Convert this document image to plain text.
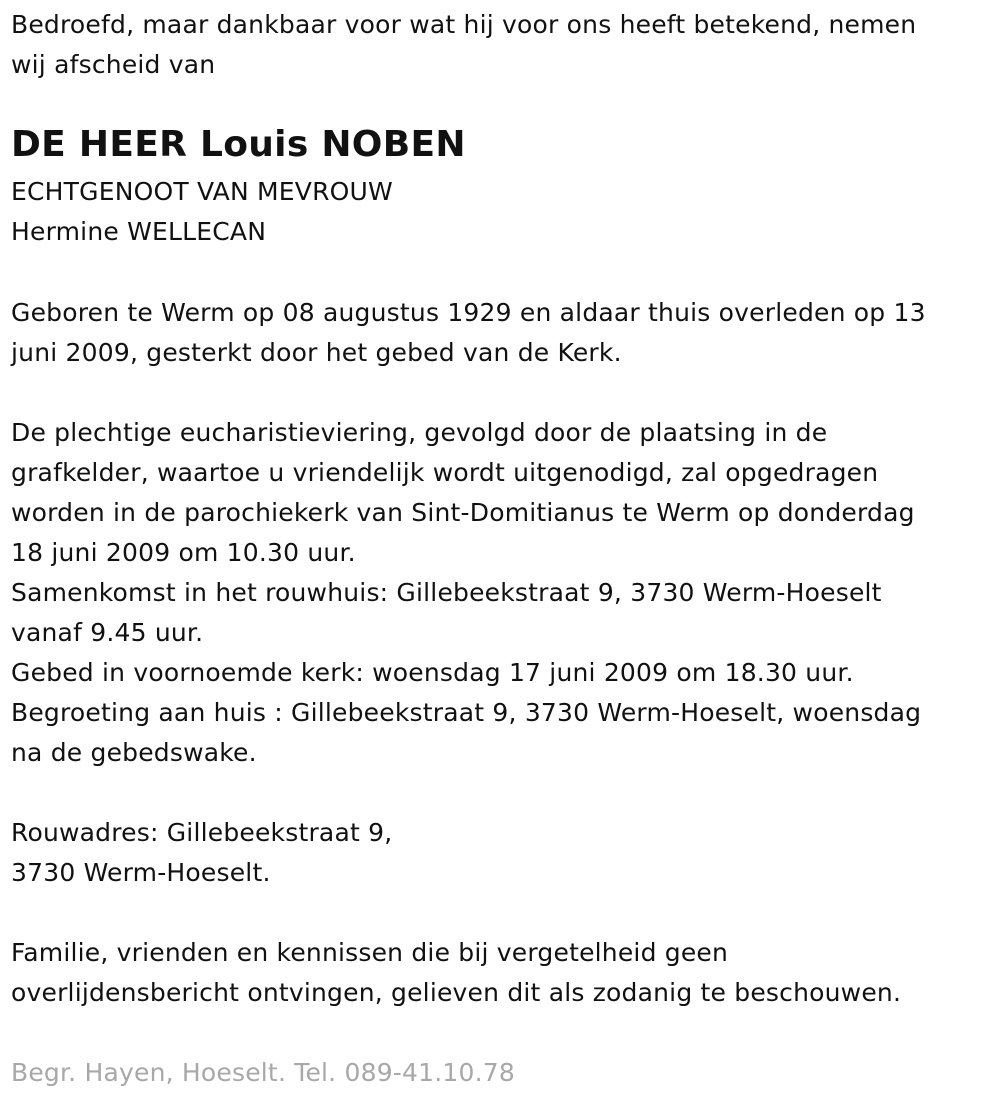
Bedroefd, maar dankbaar voor wat hij voor ons heeft betekend, nemen
wij afscheid van
DE HEER Louis NOBEN
ECHTGENOOT VAN MEVROUW
Hermine WELLECAN
Geboren te Werm op 08 augustus 1929 en aldaar thuis overleden op 13
juni 2009, gesterkt door het gebed van de Kerk.
De plechtige eucharistieviering, gevolgd door de plaatsing in de
grafkelder, waartoe u vriendelijk wordt uitgenodigd, zal opgedragen
worden in de parochiekerk van Sint-Domitianus te Werm op donderdag
18 juni 2009 om 10.30 uur.
Samenkomst in het rouwhuis: Gillebeekstraat 9, 3730 Werm-Hoeselt
vanaf 9.45 uur.
Gebed in voornoemde kerk: woensdag 17 juni 2009 om 18.30 uur.
Begroeting aan huis : Gillebeekstraat 9, 3730 Werm-Hoeselt, woensdag
na de gebedswake.
Rouwadres: Gillebeekstraat 9,
3730 Werm-Hoeselt.
Familie, vrienden en kennissen die bij vergetelheid geen
overlijdensbericht ontvingen, gelieven dit als zodanig te beschouwen.
Begr. Hayen, Hoeselt. Tel. 089-41.10.78
